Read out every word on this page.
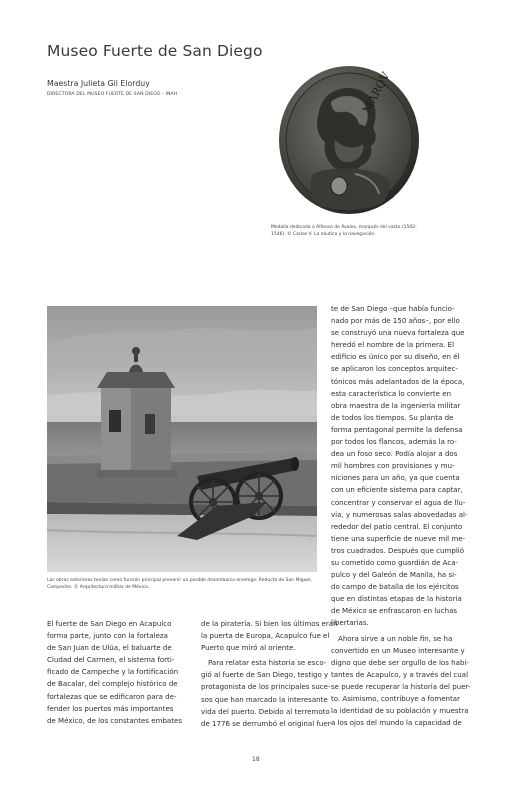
Museo Fuerte de San Diego
Maestra Julieta Gil Elorduy
DIRECTORA DEL MUSEO FUERTE DE SAN DIEGO - INAH	MARQV
Medalla dedicada a Alfonso de Ávalos, marqués del vasto (1502-
1546). © Carlos V. La náutica y la navegación.
Las obras exteriores tenían como función principal prevenir un posible desembarco enemigo. Reducto de San Miguel, Campeche. © Arquitectura militar de México.

te de San Diego –que había funcio-
nado por más de 150 años–, por ello
se construyó una nueva fortaleza que
heredó el nombre de la primera. El
edificio es único por su diseño, en él
se aplicaron los conceptos arquitec-
tónicos más adelantados de la época,
esta característica lo convierte en
obra maestra de la ingeniería militar
de todos los tiempos. Su planta de
forma pentagonal permite la defensa
por todos los flancos, además la ro-
dea un foso seco. Podía alojar a dos
mil hombres con provisiones y mu-
niciones para un año, ya que cuenta
con un eficiente sistema para captar,
concentrar y conservar el agua de llu-
via, y numerosas salas abovedadas al-
rededor del patio central. El conjunto
tiene una superficie de nueve mil me-
tros cuadrados. Después que cumplió
su cometido como guardián de Aca-
pulco y del Galeón de Manila, ha si-
do campo de batalla de los ejércitos
que en distintas etapas de la historia
de México se enfrascaron en luchas
libertarias.

Ahora sirve a un noble fin, se ha
convertido en un Museo interesante y
digno que debe ser orgullo de los habi-
tantes de Acapulco, y a través del cual
se puede recuperar la historia del puer-
to. Asimismo, contribuye a fomentar
la identidad de su población y muestra
a los ojos del mundo la capacidad de

El fuerte de San Diego en Acapulco
forma parte, junto con la fortaleza
de San Juan de Ulúa, el baluarte de
Ciudad del Carmen, el sistema forti-
ficado de Campeche y la fortificación
de Bacalar, del complejo histórico de
fortalezas que se edificaron para de-
fender los puertos más importantes
de México, de los constantes embates

de la piratería. Si bien los últimos eran
la puerta de Europa, Acapulco fue el
Puerto que miró al oriente.

Para relatar esta historia se esco-
gió al fuerte de San Diego, testigo y
protagonista de los principales suce-
sos que han marcado la interesante
vida del puerto. Debido al terremoto
de 1776 se derrumbó el original fuer-

18
